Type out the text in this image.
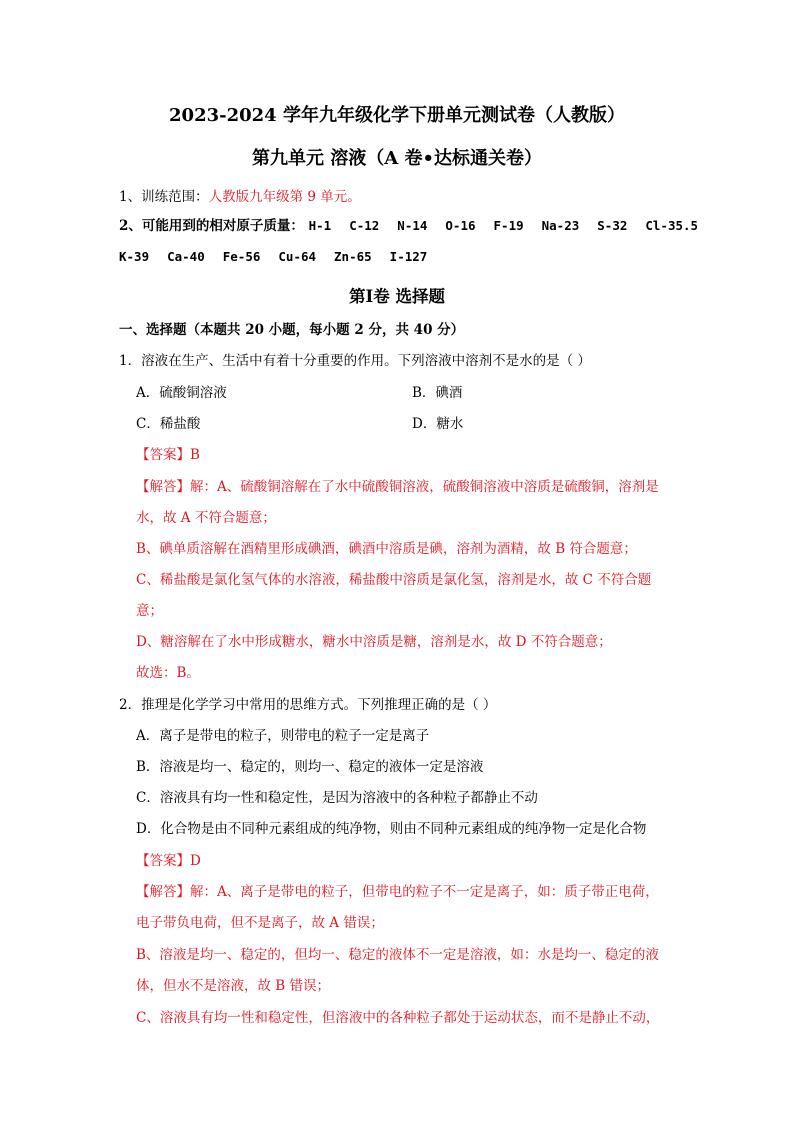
2023-2024 学年九年级化学下册单元测试卷（人教版）
第九单元 溶液（A 卷•达标通关卷）
1、训练范围：人教版九年级第 9 单元。
2、可能用到的相对原子质量： H-1 C-12 N-14 O-16 F-19 Na-23 S-32 Cl-35.5
K-39 Ca-40 Fe-56 Cu-64 Zn-65 I-127
第Ⅰ卷 选择题
一、选择题（本题共 20 小题，每小题 2 分，共 40 分）
1．溶液在生产、生活中有着十分重要的作用。下列溶液中溶剂不是水的是（ ）
A．硫酸铜溶液	B．碘酒
C．稀盐酸	D．糖水
【答案】B
【解答】解：A、硫酸铜溶解在了水中硫酸铜溶液，硫酸铜溶液中溶质是硫酸铜，溶剂是
水，故 A 不符合题意；
B、碘单质溶解在酒精里形成碘酒，碘酒中溶质是碘，溶剂为酒精，故 B 符合题意；
C、稀盐酸是氯化氢气体的水溶液，稀盐酸中溶质是氯化氢，溶剂是水，故 C 不符合题
意；
D、糖溶解在了水中形成糖水，糖水中溶质是糖，溶剂是水，故 D 不符合题意；
故选：B。
2．推理是化学学习中常用的思维方式。下列推理正确的是（ ）
A．离子是带电的粒子，则带电的粒子一定是离子
B．溶液是均一、稳定的，则均一、稳定的液体一定是溶液
C．溶液具有均一性和稳定性，是因为溶液中的各种粒子都静止不动
D．化合物是由不同种元素组成的纯净物，则由不同种元素组成的纯净物一定是化合物
【答案】D
【解答】解：A、离子是带电的粒子，但带电的粒子不一定是离子，如：质子带正电荷，
电子带负电荷，但不是离子，故 A 错误；
B、溶液是均一、稳定的，但均一、稳定的液体不一定是溶液，如：水是均一、稳定的液
体，但水不是溶液，故 B 错误；
C、溶液具有均一性和稳定性，但溶液中的各种粒子都处于运动状态，而不是静止不动，
